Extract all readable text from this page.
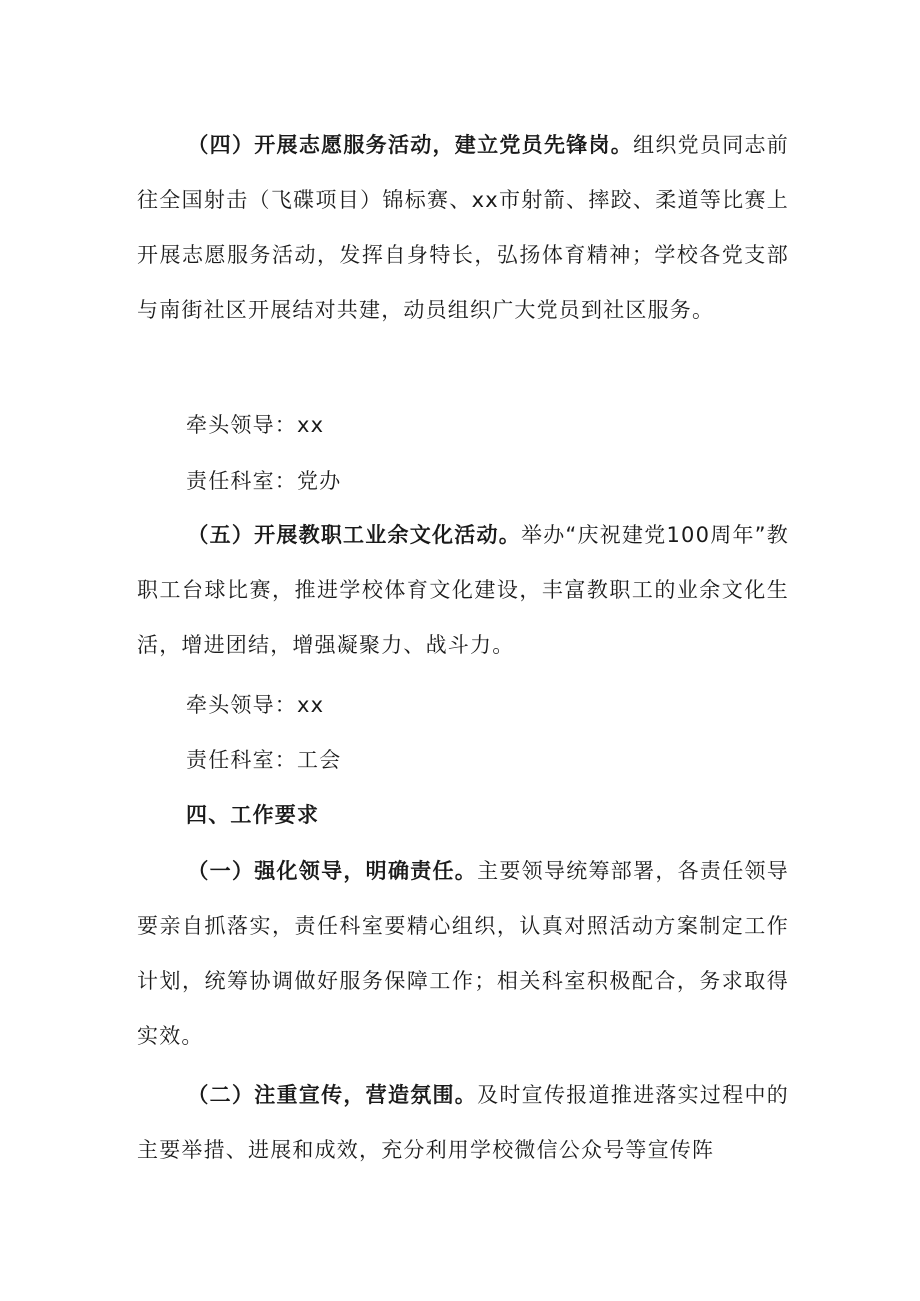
（四）开展志愿服务活动，建立党员先锋岗。组织党员同志前往全国射击（飞碟项目）锦标赛、xx市射箭、摔跤、柔道等比赛上开展志愿服务活动，发挥自身特长，弘扬体育精神；学校各党支部与南街社区开展结对共建，动员组织广大党员到社区服务。

牵头领导：xx

责任科室：党办

（五）开展教职工业余文化活动。举办“庆祝建党100周年”教职工台球比赛，推进学校体育文化建设，丰富教职工的业余文化生活，增进团结，增强凝聚力、战斗力。

牵头领导：xx

责任科室：工会

四、工作要求

（一）强化领导，明确责任。主要领导统筹部署，各责任领导要亲自抓落实，责任科室要精心组织，认真对照活动方案制定工作计划，统筹协调做好服务保障工作；相关科室积极配合，务求取得实效。

（二）注重宣传，营造氛围。及时宣传报道推进落实过程中的主要举措、进展和成效，充分利用学校微信公众号等宣传阵
